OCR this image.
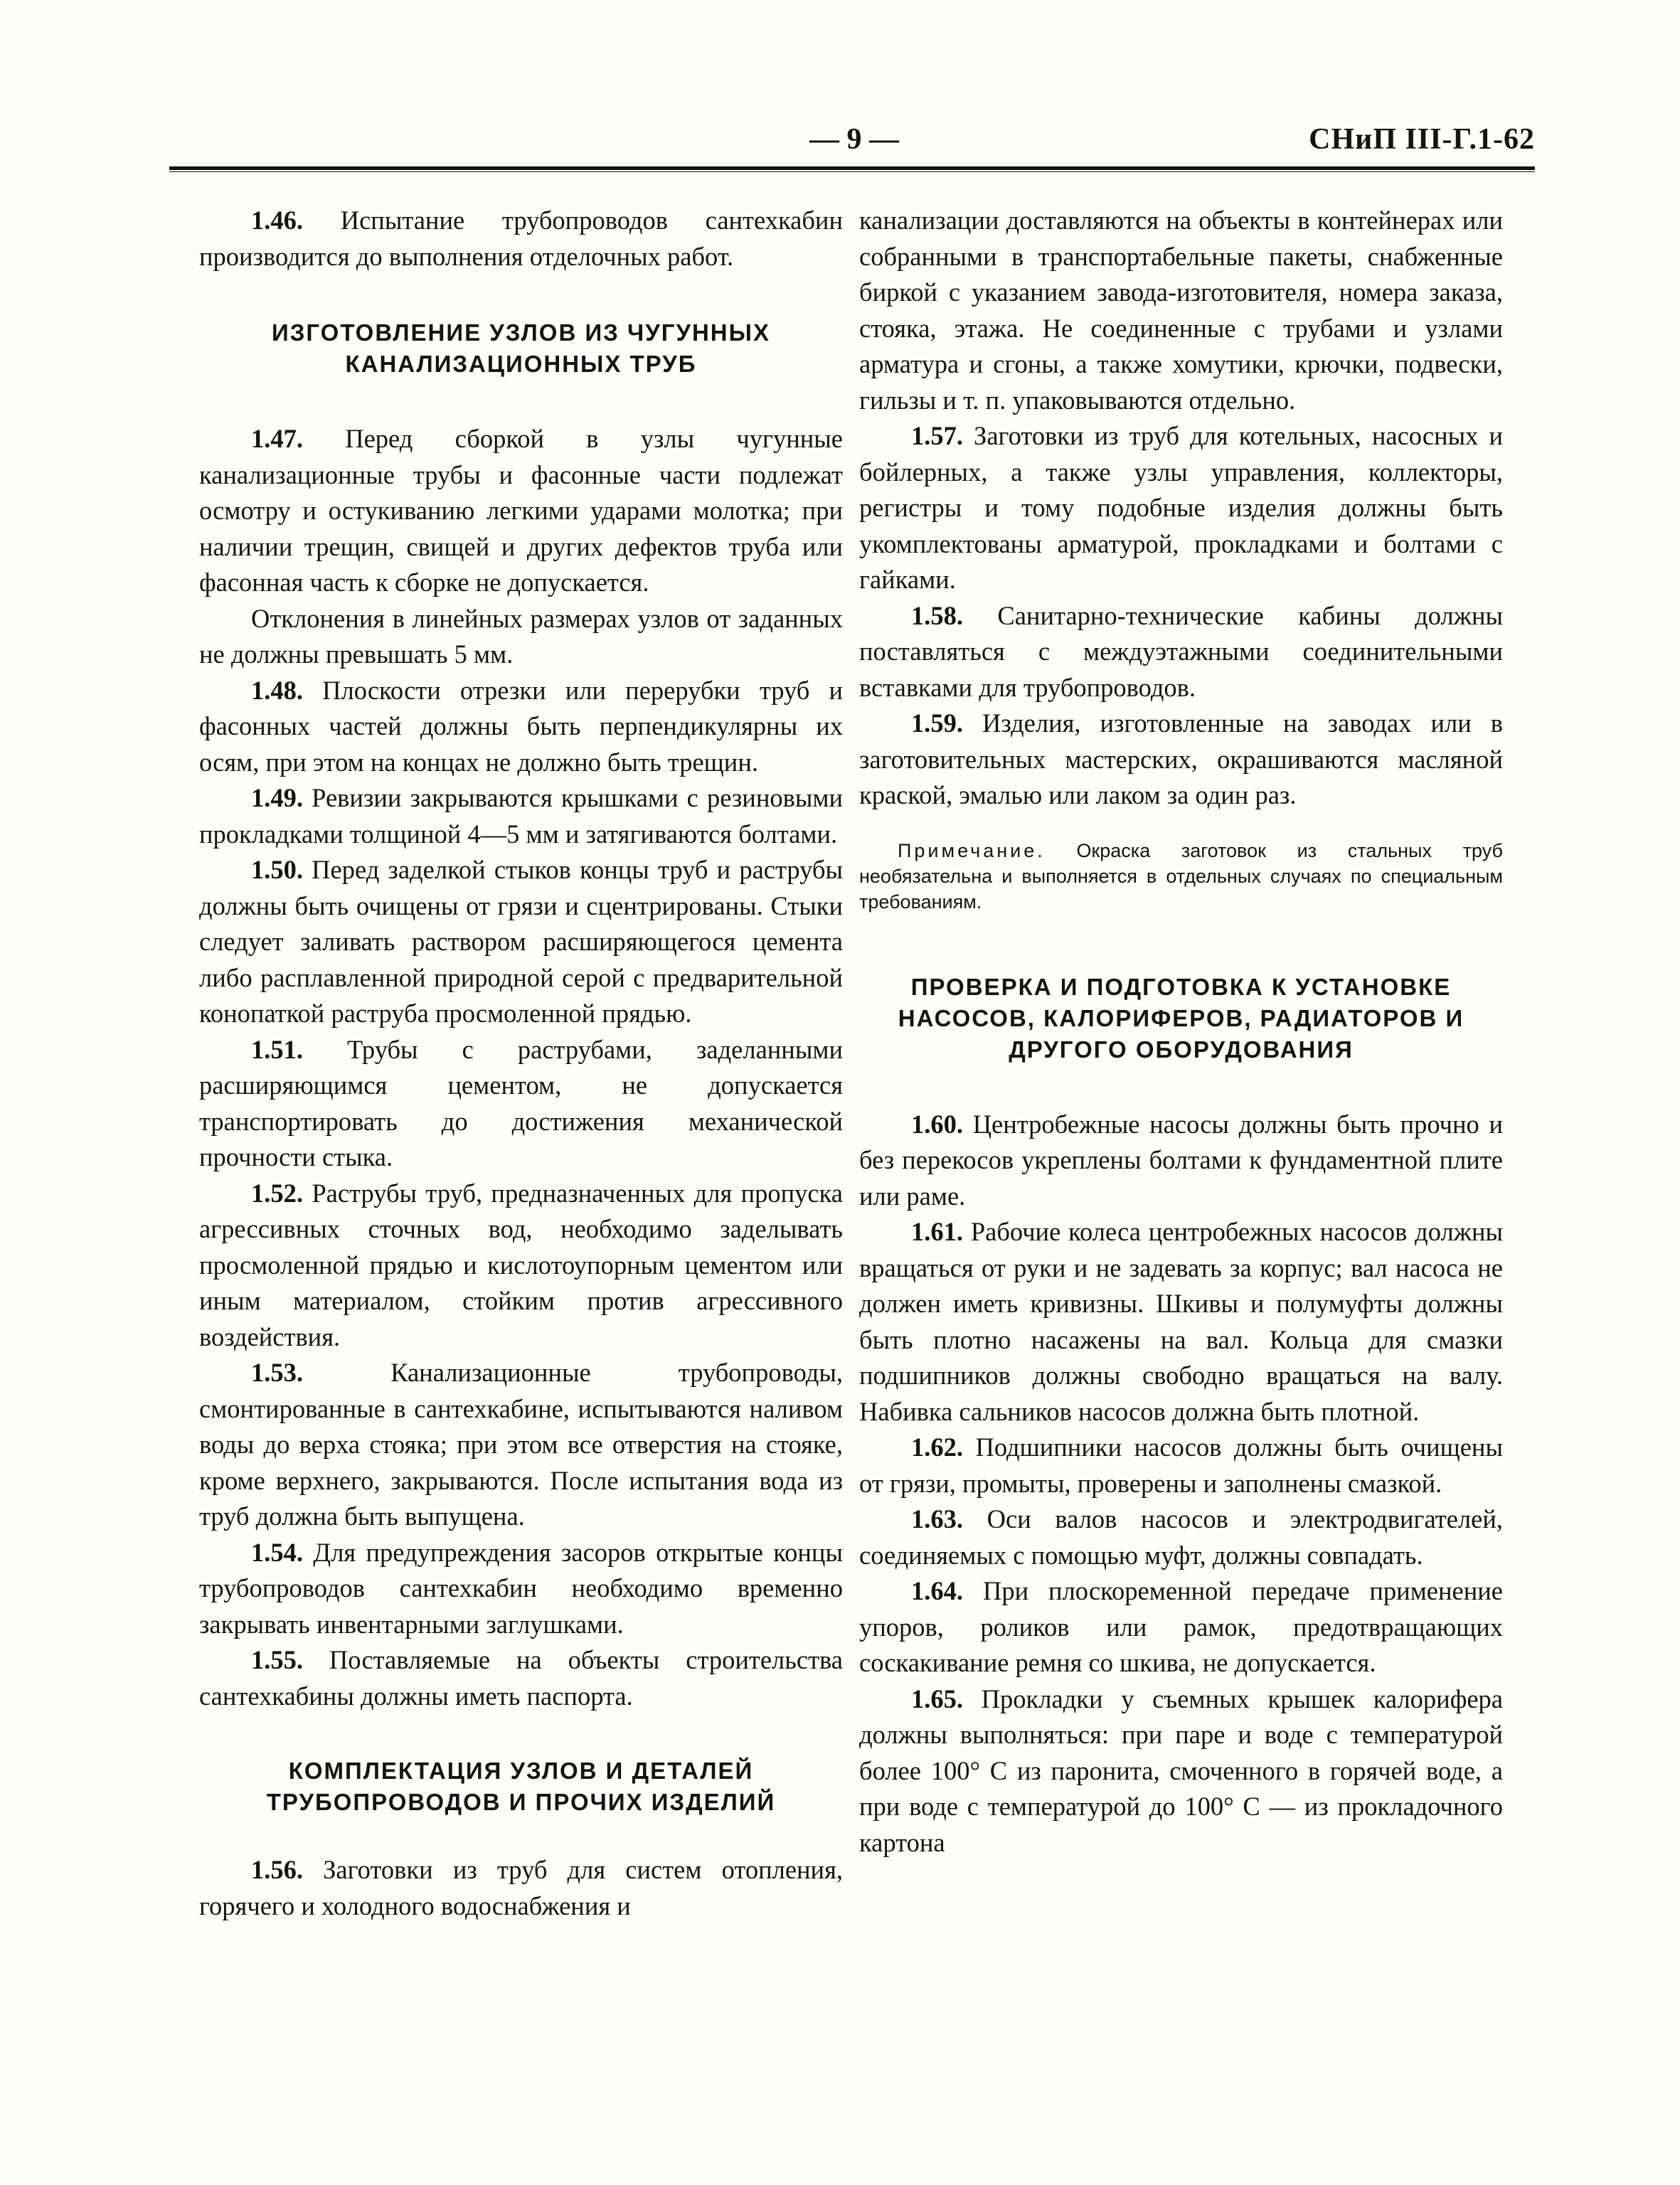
— 9 —	СНиП III-Г.1-62

1.46. Испытание трубопроводов сантехкабин производится до выполнения отделочных работ.

ИЗГОТОВЛЕНИЕ УЗЛОВ ИЗ ЧУГУННЫХ КАНАЛИЗАЦИОННЫХ ТРУБ

1.47. Перед сборкой в узлы чугунные канализационные трубы и фасонные части подлежат осмотру и остукиванию легкими ударами молотка; при наличии трещин, свищей и других дефектов труба или фасонная часть к сборке не допускается.

Отклонения в линейных размерах узлов от заданных не должны превышать 5 мм.

1.48. Плоскости отрезки или перерубки труб и фасонных частей должны быть перпендикулярны их осям, при этом на концах не должно быть трещин.

1.49. Ревизии закрываются крышками с резиновыми прокладками толщиной 4—5 мм и затягиваются болтами.

1.50. Перед заделкой стыков концы труб и раструбы должны быть очищены от грязи и сцентрированы. Стыки следует заливать раствором расширяющегося цемента либо расплавленной природной серой с предварительной конопаткой раструба просмоленной прядью.

1.51. Трубы с раструбами, заделанными расширяющимся цементом, не допускается транспортировать до достижения механической прочности стыка.

1.52. Раструбы труб, предназначенных для пропуска агрессивных сточных вод, необходимо заделывать просмоленной прядью и кислотоупорным цементом или иным материалом, стойким против агрессивного воздействия.

1.53. Канализационные трубопроводы, смонтированные в сантехкабине, испытываются наливом воды до верха стояка; при этом все отверстия на стояке, кроме верхнего, закрываются. После испытания вода из труб должна быть выпущена.

1.54. Для предупреждения засоров открытые концы трубопроводов сантехкабин необходимо временно закрывать инвентарными заглушками.

1.55. Поставляемые на объекты строительства сантехкабины должны иметь паспорта.

КОМПЛЕКТАЦИЯ УЗЛОВ И ДЕТАЛЕЙ ТРУБОПРОВОДОВ И ПРОЧИХ ИЗДЕЛИЙ

1.56. Заготовки из труб для систем отопления, горячего и холодного водоснабжения и

канализации доставляются на объекты в контейнерах или собранными в транспортабельные пакеты, снабженные биркой с указанием завода-изготовителя, номера заказа, стояка, этажа. Не соединенные с трубами и узлами арматура и сгоны, а также хомутики, крючки, подвески, гильзы и т. п. упаковываются отдельно.

1.57. Заготовки из труб для котельных, насосных и бойлерных, а также узлы управления, коллекторы, регистры и тому подобные изделия должны быть укомплектованы арматурой, прокладками и болтами с гайками.

1.58. Санитарно-технические кабины должны поставляться с междуэтажными соединительными вставками для трубопроводов.

1.59. Изделия, изготовленные на заводах или в заготовительных мастерских, окрашиваются масляной краской, эмалью или лаком за один раз.

Примечание. Окраска заготовок из стальных труб необязательна и выполняется в отдельных случаях по специальным требованиям.
ПРОВЕРКА И ПОДГОТОВКА К УСТАНОВКЕ НАСОСОВ, КАЛОРИФЕРОВ, РАДИАТОРОВ И ДРУГОГО ОБОРУДОВАНИЯ

1.60. Центробежные насосы должны быть прочно и без перекосов укреплены болтами к фундаментной плите или раме.

1.61. Рабочие колеса центробежных насосов должны вращаться от руки и не задевать за корпус; вал насоса не должен иметь кривизны. Шкивы и полумуфты должны быть плотно насажены на вал. Кольца для смазки подшипников должны свободно вращаться на валу. Набивка сальников насосов должна быть плотной.

1.62. Подшипники насосов должны быть очищены от грязи, промыты, проверены и заполнены смазкой.

1.63. Оси валов насосов и электродвигателей, соединяемых с помощью муфт, должны совпадать.

1.64. При плоскоременной передаче применение упоров, роликов или рамок, предотвращающих соскакивание ремня со шкива, не допускается.

1.65. Прокладки у съемных крышек калорифера должны выполняться: при паре и воде с температурой более 100° С из паронита, смоченного в горячей воде, а при воде с температурой до 100° С — из прокладочного картона
